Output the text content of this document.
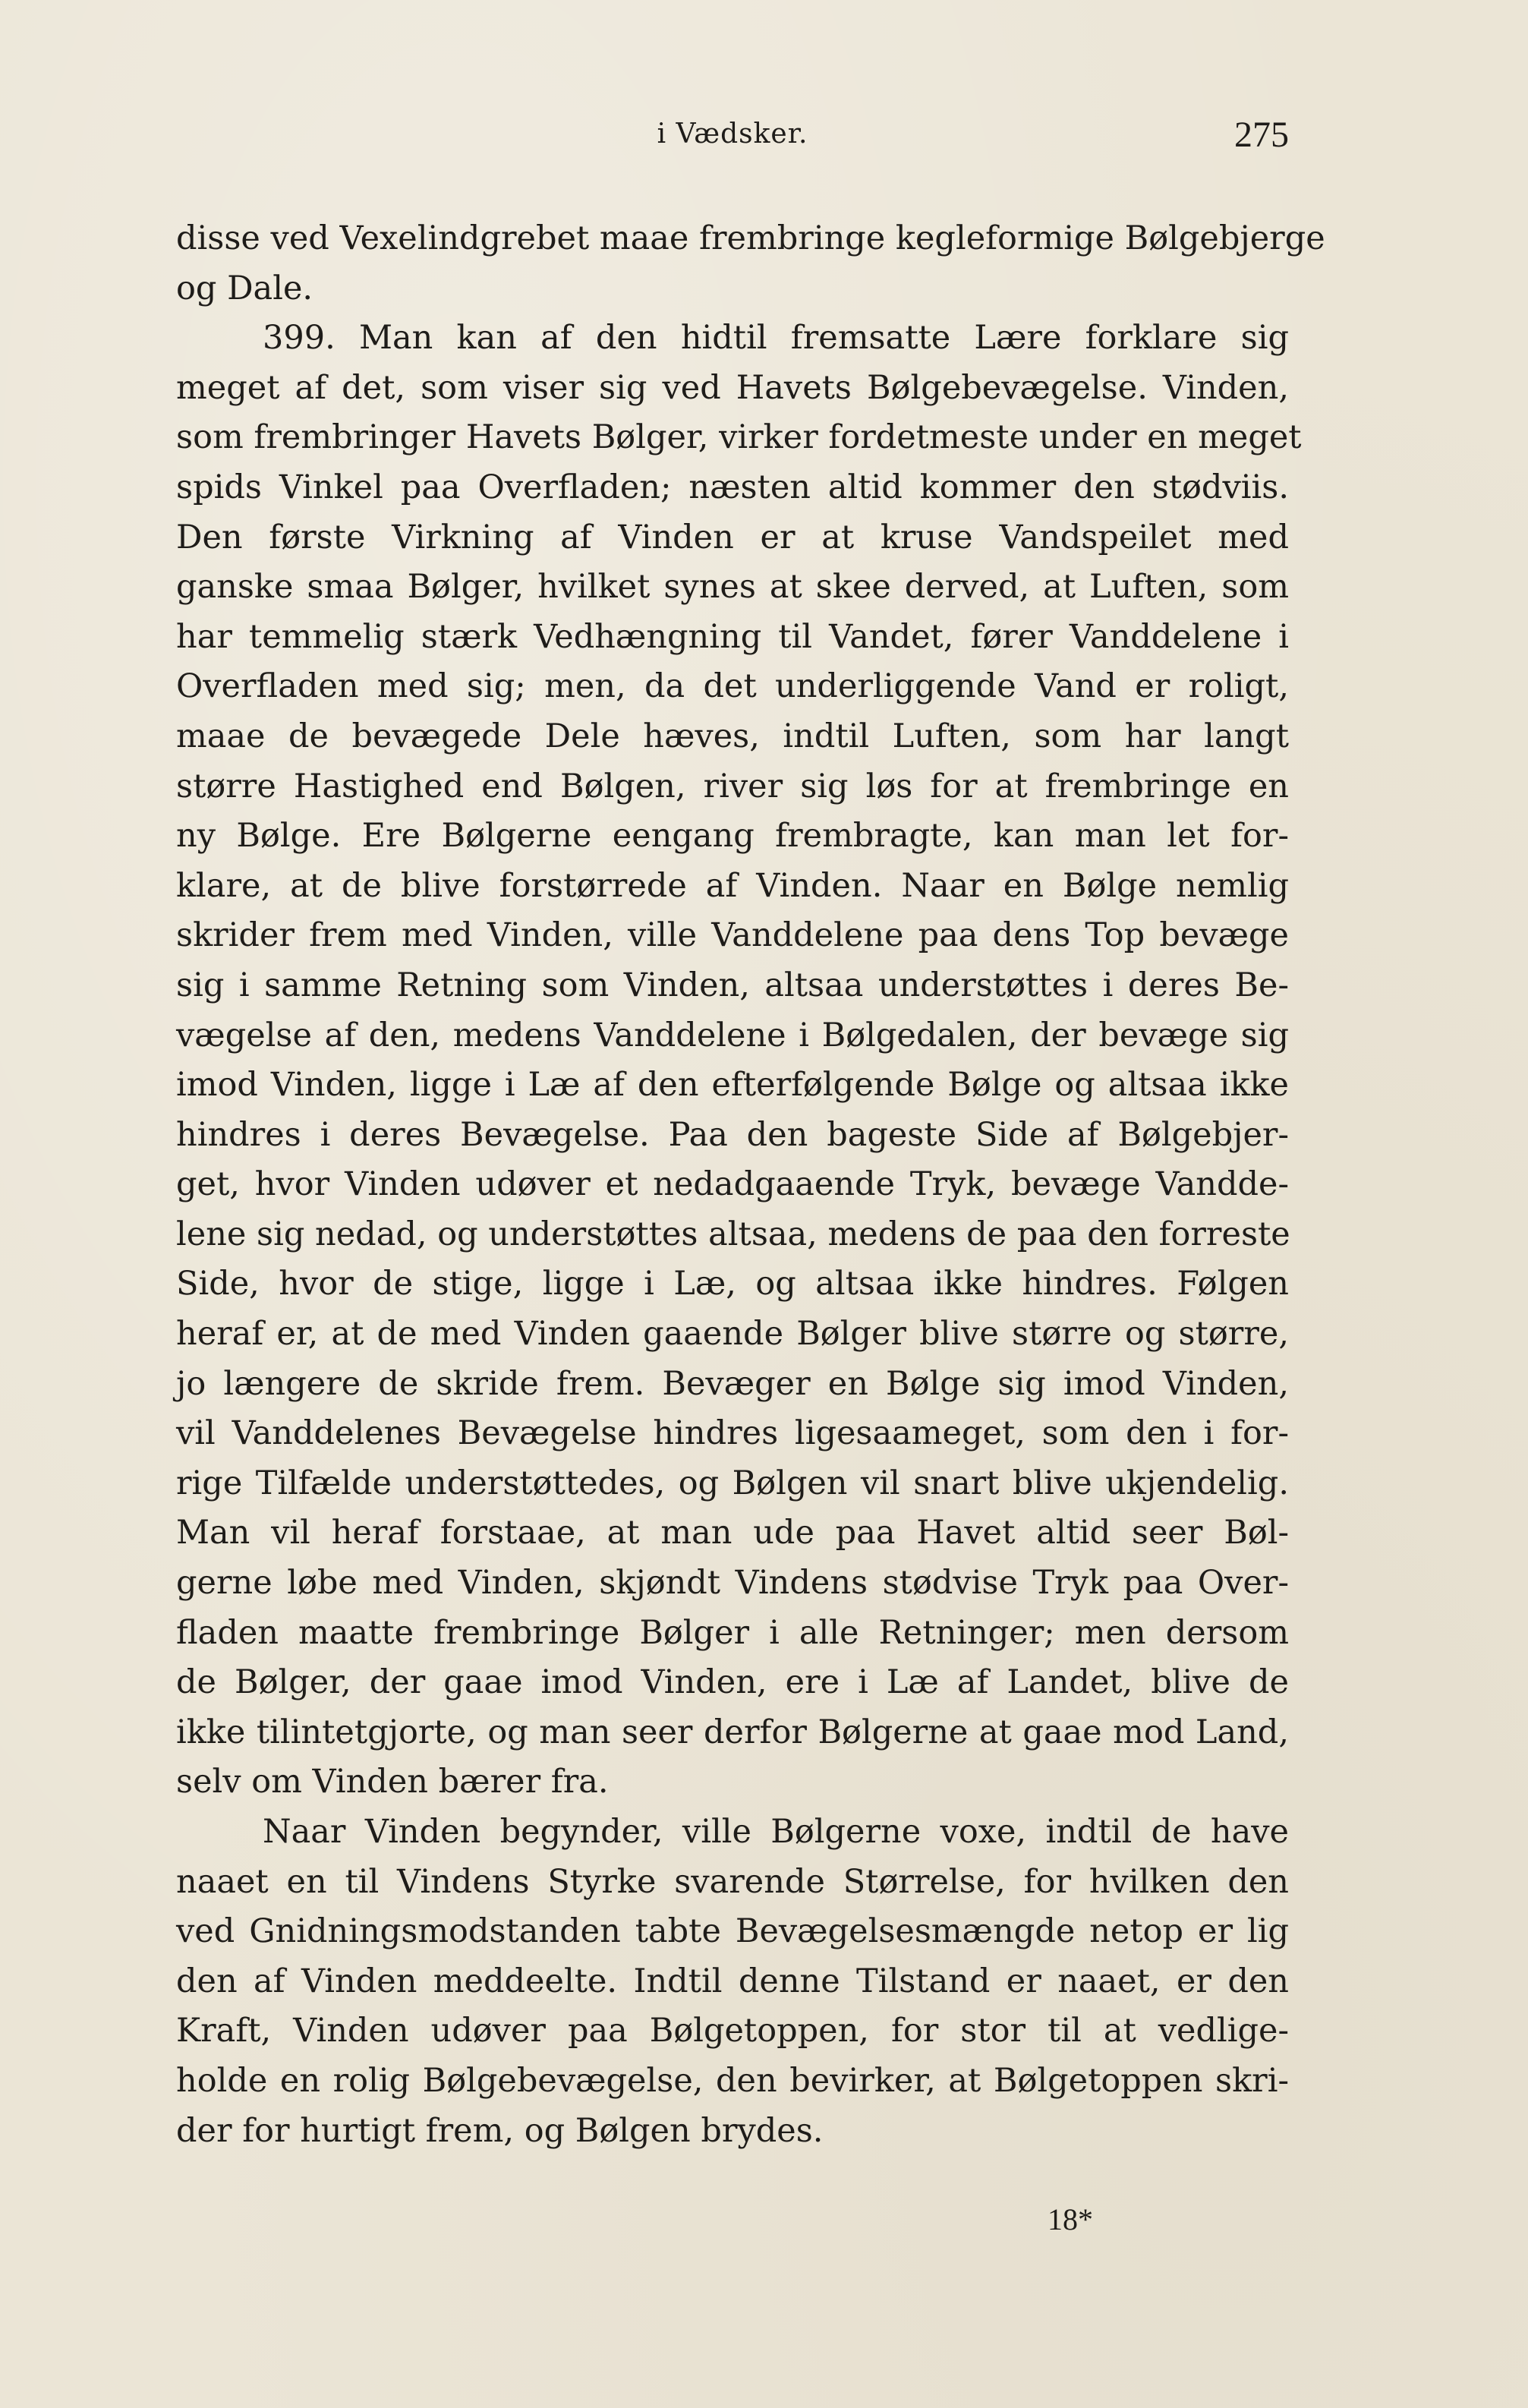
i Vædsker.	275
disse ved Vexelindgrebet maae frembringe kegleformige Bølgebjerge
og Dale.
399. Man kan af den hidtil fremsatte Lære forklare sig
meget af det, som viser sig ved Havets Bølgebevægelse. Vinden,
som frembringer Havets Bølger, virker fordetmeste under en meget
spids Vinkel paa Overfladen; næsten altid kommer den stødviis.
Den første Virkning af Vinden er at kruse Vandspeilet med
ganske smaa Bølger, hvilket synes at skee derved, at Luften, som
har temmelig stærk Vedhængning til Vandet, fører Vanddelene i
Overfladen med sig; men, da det underliggende Vand er roligt,
maae de bevægede Dele hæves, indtil Luften, som har langt
større Hastighed end Bølgen, river sig løs for at frembringe en
ny Bølge. Ere Bølgerne eengang frembragte, kan man let for-
klare, at de blive forstørrede af Vinden. Naar en Bølge nemlig
skrider frem med Vinden, ville Vanddelene paa dens Top bevæge
sig i samme Retning som Vinden, altsaa understøttes i deres Be-
vægelse af den, medens Vanddelene i Bølgedalen, der bevæge sig
imod Vinden, ligge i Læ af den efterfølgende Bølge og altsaa ikke
hindres i deres Bevægelse. Paa den bageste Side af Bølgebjer-
get, hvor Vinden udøver et nedadgaaende Tryk, bevæge Vandde-
lene sig nedad, og understøttes altsaa, medens de paa den forreste
Side, hvor de stige, ligge i Læ, og altsaa ikke hindres. Følgen
heraf er, at de med Vinden gaaende Bølger blive større og større,
jo længere de skride frem. Bevæger en Bølge sig imod Vinden,
vil Vanddelenes Bevægelse hindres ligesaameget, som den i for-
rige Tilfælde understøttedes, og Bølgen vil snart blive ukjendelig.
Man vil heraf forstaae, at man ude paa Havet altid seer Bøl-
gerne løbe med Vinden, skjøndt Vindens stødvise Tryk paa Over-
fladen maatte frembringe Bølger i alle Retninger; men dersom
de Bølger, der gaae imod Vinden, ere i Læ af Landet, blive de
ikke tilintetgjorte, og man seer derfor Bølgerne at gaae mod Land,
selv om Vinden bærer fra.
Naar Vinden begynder, ville Bølgerne voxe, indtil de have
naaet en til Vindens Styrke svarende Størrelse, for hvilken den
ved Gnidningsmodstanden tabte Bevægelsesmængde netop er lig
den af Vinden meddeelte. Indtil denne Tilstand er naaet, er den
Kraft, Vinden udøver paa Bølgetoppen, for stor til at vedlige-
holde en rolig Bølgebevægelse, den bevirker, at Bølgetoppen skri-
der for hurtigt frem, og Bølgen brydes.
18*
